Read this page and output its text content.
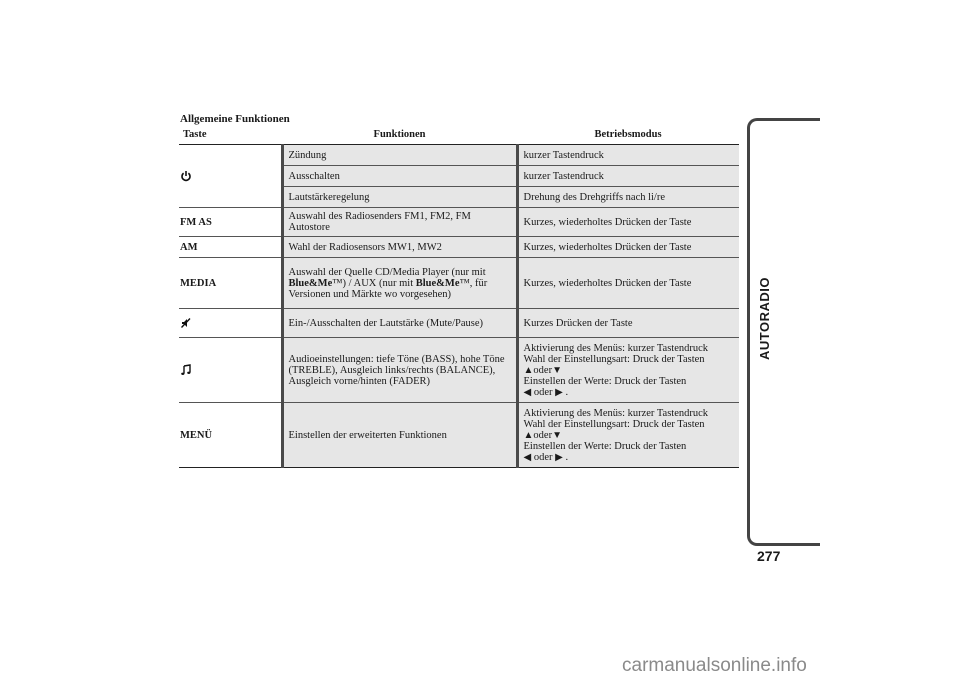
Allgemeine Funktionen
Taste	Funktionen	Betriebsmodus

	Zündung	kurzer Tastendruck
	Ausschalten	kurzer Tastendruck
	Lautstärkeregelung	Drehung des Drehgriffs nach li/re
FM AS	Auswahl des Radiosenders FM1, FM2, FM Autostore	Kurzes, wiederholtes Drücken der Taste
AM	Wahl der Radiosensors MW1, MW2	Kurzes, wiederholtes Drücken der Taste
MEDIA	Auswahl der Quelle CD/Media Player (nur mit Blue&Me™) / AUX (nur mit Blue&Me™, für Versionen und Märkte wo vorgesehen)	Kurzes, wiederholtes Drücken der Taste

	Ein-/Ausschalten der Lautstärke (Mute/Pause)	Kurzes Drücken der Taste

	Audioeinstellungen: tiefe Töne (BASS), hohe Töne (TREBLE), Ausgleich links/rechts (BALANCE), Ausgleich vorne/hinten (FADER)	Aktivierung des Menüs: kurzer Tastendruck
Wahl der Einstellungsart: Druck der Tasten
▲oder▼
Einstellen der Werte: Druck der Tasten
◀ oder ▶ .

MENÜ	Einstellen der erweiterten Funktionen	Aktivierung des Menüs: kurzer Tastendruck
Wahl der Einstellungsart: Druck der Tasten
▲oder▼
Einstellen der Werte: Druck der Tasten
◀ oder ▶ .
AUTORADIO
277
carmanualsonline.info
